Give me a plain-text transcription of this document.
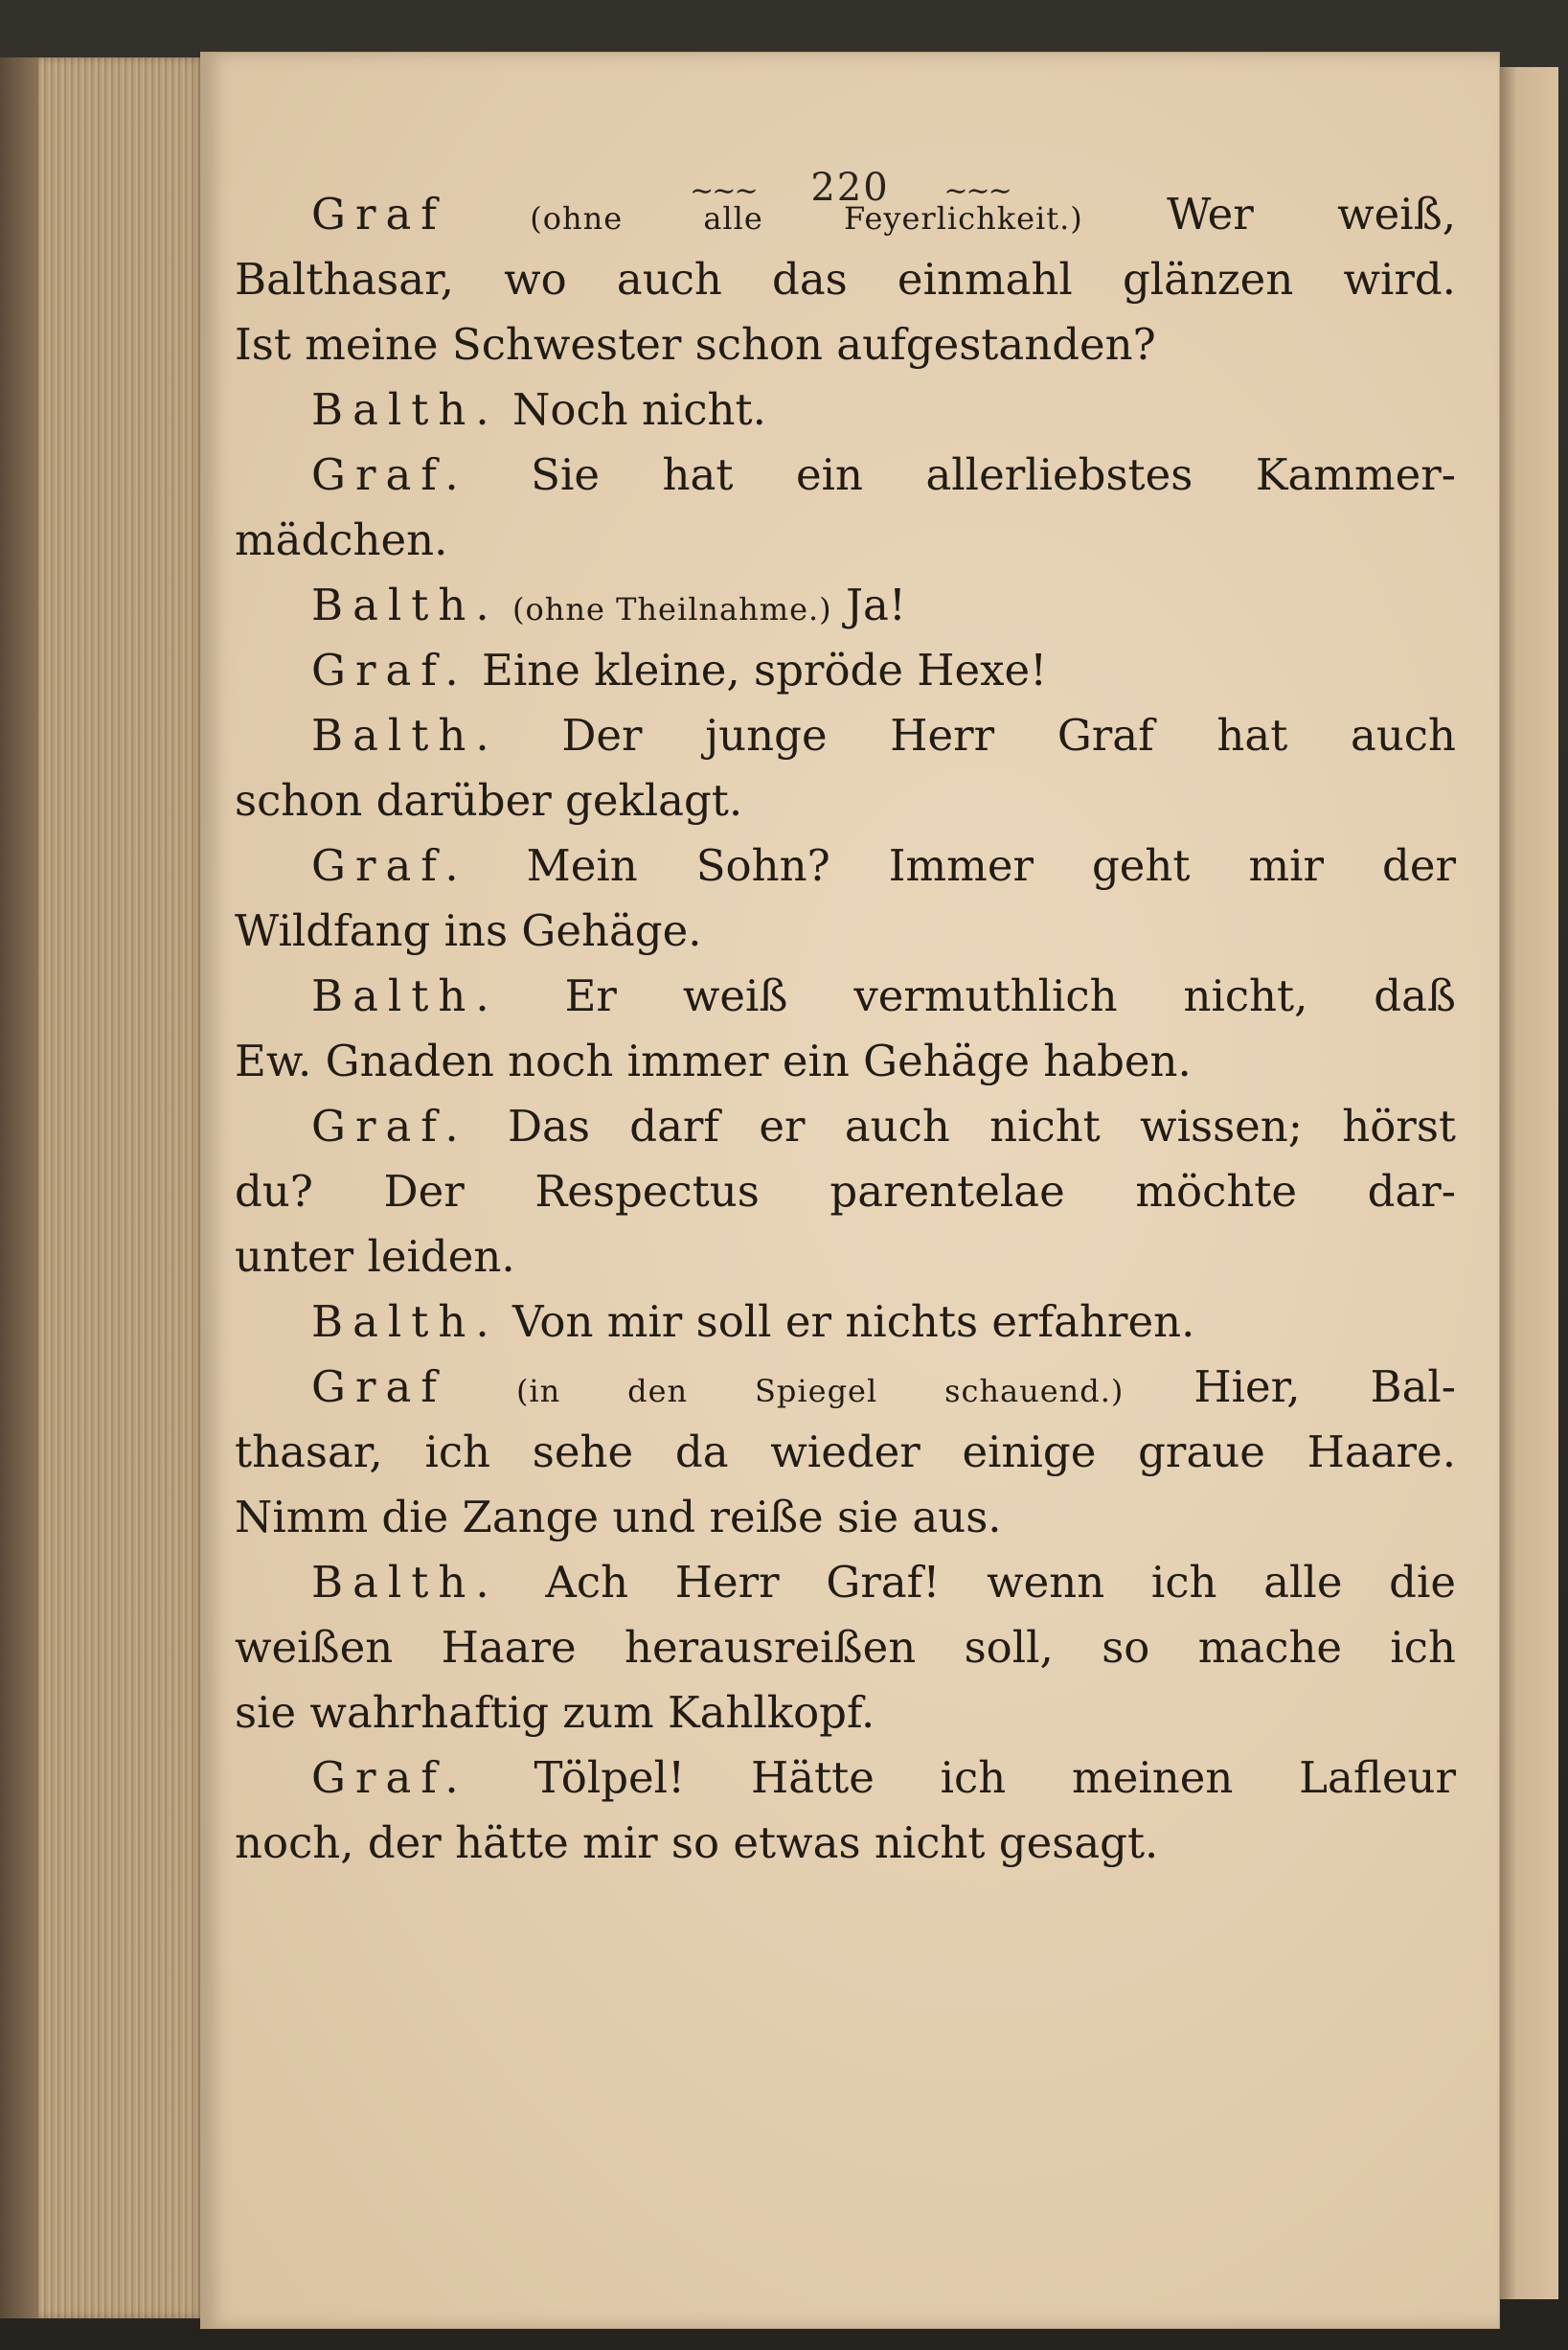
∼∼∼ 220 ∼∼∼
Graf	(ohne alle Feyerlichkeit.) Wer weiß,
Balthasar, wo auch das einmahl glänzen wird.
Ist meine Schwester schon aufgestanden?
Balth. Noch nicht.
Graf. Sie hat ein allerliebstes Kammer-
mädchen.
Balth. (ohne Theilnahme.) Ja!
Graf. Eine kleine, spröde Hexe!
Balth. Der junge Herr Graf hat auch
schon darüber geklagt.
Graf. Mein Sohn? Immer geht mir der
Wildfang ins Gehäge.
Balth. Er weiß vermuthlich nicht, daß
Ew. Gnaden noch immer ein Gehäge haben.
Graf. Das darf er auch nicht wissen; hörst
du? Der Respectus parentelae möchte dar-
unter leiden.
Balth. Von mir soll er nichts erfahren.
Graf (in den Spiegel schauend.) Hier, Bal-
thasar, ich sehe da wieder einige graue Haare.
Nimm die Zange und reiße sie aus.
Balth. Ach Herr Graf! wenn ich alle die
weißen Haare herausreißen soll, so mache ich
sie wahrhaftig zum Kahlkopf.
Graf. Tölpel! Hätte ich meinen Lafleur
noch, der hätte mir so etwas nicht gesagt.
